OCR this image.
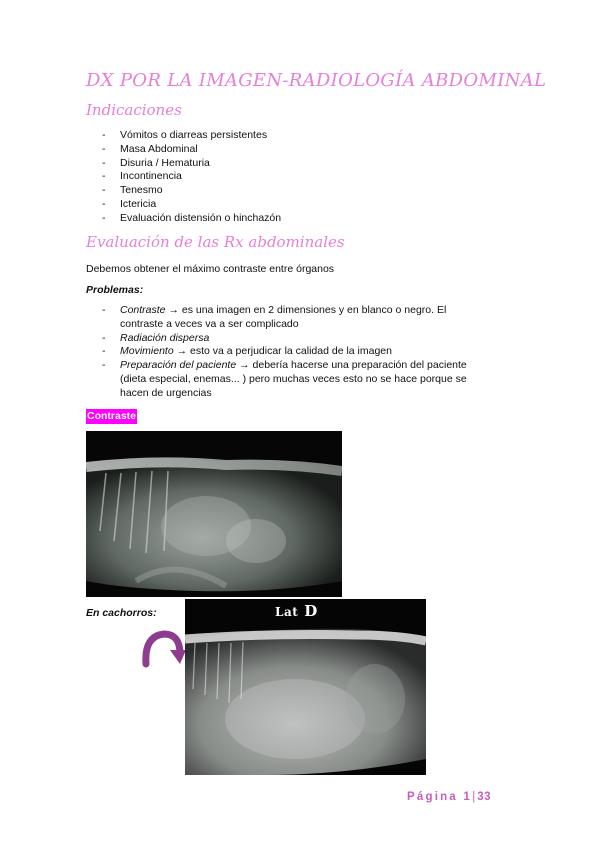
DX POR LA IMAGEN-RADIOLOGÍA ABDOMINAL
Indicaciones
- Vómitos o diarreas persistentes
- Masa Abdominal
- Disuria / Hematuria
- Incontinencia
- Tenesmo
- Ictericia
- Evaluación distensión o hinchazón
Evaluación de las Rx abdominales
Debemos obtener el máximo contraste entre órganos
Problemas:
- Contraste → es una imagen en 2 dimensiones y en blanco o negro. El
contraste a veces va a ser complicado
- Radiación dispersa
- Movimiento → esto va a perjudicar la calidad de la imagen
- Preparación del paciente → debería hacerse una preparación del paciente
(dieta especial, enemas... ) pero muchas veces esto no se hace porque se
hacen de urgencias
Contraste
En cachorros:	Lat D
Página 1 | 33
